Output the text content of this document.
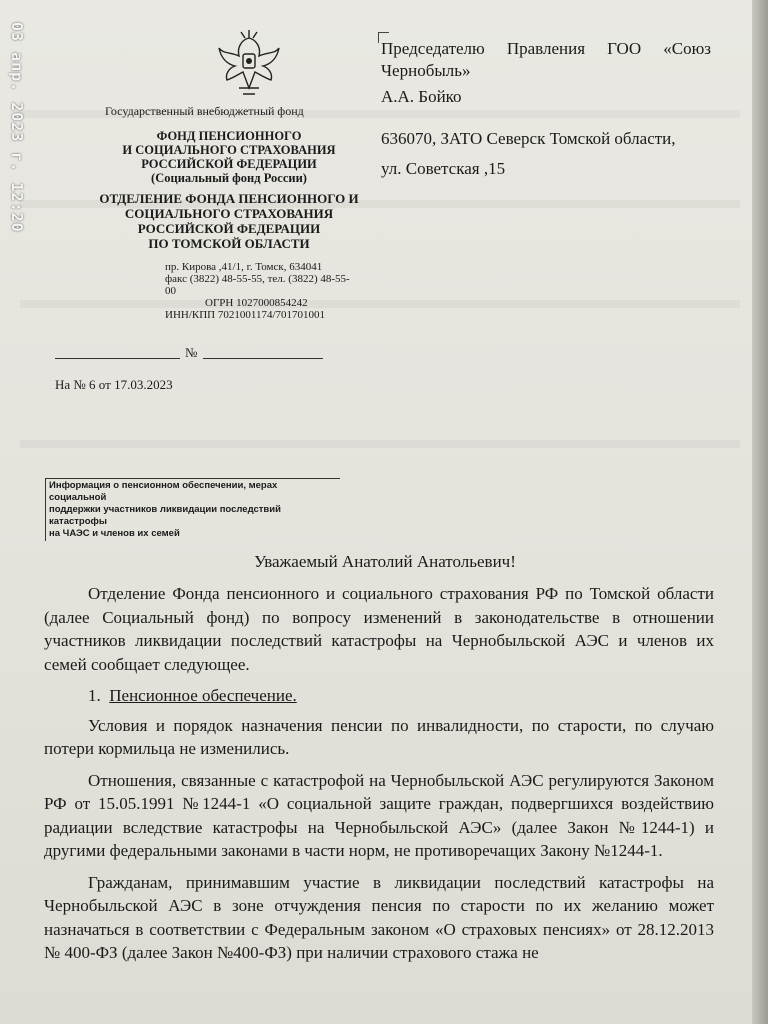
03 апр. 2023 г. 12:20	Государственный внебюджетный фонд
ФОНД ПЕНСИОННОГО
И СОЦИАЛЬНОГО СТРАХОВАНИЯ
РОССИЙСКОЙ ФЕДЕРАЦИИ
(Социальный фонд России)
ОТДЕЛЕНИЕ ФОНДА ПЕНСИОННОГО И
СОЦИАЛЬНОГО СТРАХОВАНИЯ
РОССИЙСКОЙ ФЕДЕРАЦИИ
ПО ТОМСКОЙ ОБЛАСТИ
пр. Кирова ,41/1, г. Томск, 634041
факс (3822) 48-55-55, тел. (3822) 48-55-00
ОГРН 1027000854242
ИНН/КПП 7021001174/701701001
№
На № 6 от 17.03.2023
Информация о пенсионном обеспечении, мерах социальной
поддержки участников ликвидации последствий катастрофы
на ЧАЭС и членов их семей
Председателю Правления ГОО «Союз
Чернобыль»
А.А. Бойко
636070, ЗАТО Северск Томской области,
ул. Советская ,15
Уважаемый Анатолий Анатольевич!

Отделение Фонда пенсионного и социального страхования РФ по Томской области (далее Социальный фонд) по вопросу изменений в законодательстве в отношении участников ликвидации последствий катастрофы на Чернобыльской АЭС и членов их семей сообщает следующее.

1. Пенсионное обеспечение.

Условия и порядок назначения пенсии по инвалидности, по старости, по случаю потери кормильца не изменились.

Отношения, связанные с катастрофой на Чернобыльской АЭС регулируются Законом РФ от 15.05.1991 №1244-1 «О социальной защите граждан, подвергшихся воздействию радиации вследствие катастрофы на Чернобыльской АЭС» (далее Закон №1244-1) и другими федеральными законами в части норм, не противоречащих Закону №1244-1.

Гражданам, принимавшим участие в ликвидации последствий катастрофы на Чернобыльской АЭС в зоне отчуждения пенсия по старости по их желанию может назначаться в соответствии с Федеральным законом «О страховых пенсиях» от 28.12.2013 № 400-ФЗ (далее Закон №400-ФЗ) при наличии страхового стажа не
